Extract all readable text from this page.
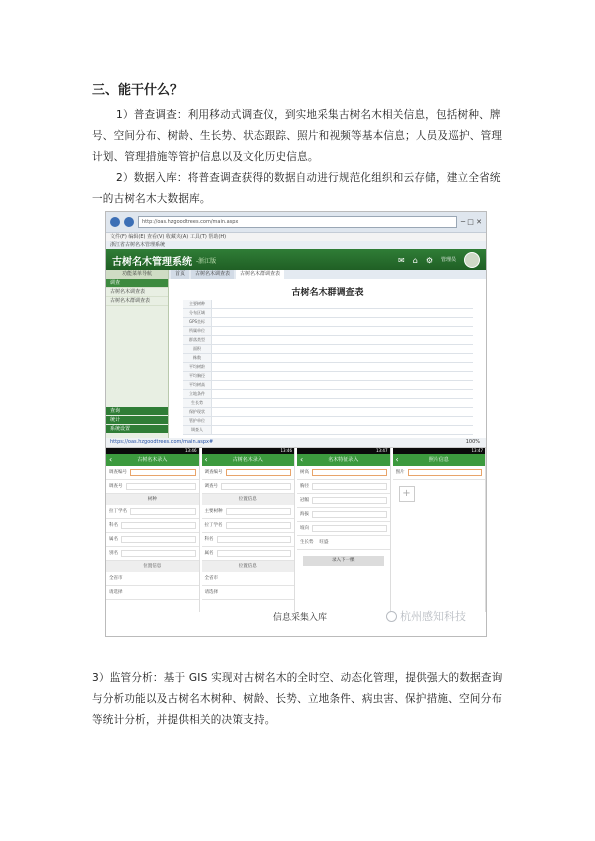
三、能干什么？

1）普查调查：利用移动式调查仪，到实地采集古树名木相关信息，包括树种、牌号、空间分布、树龄、生长势、状态跟踪、照片和视频等基本信息；人员及巡护、管理计划、管理措施等管护信息以及文化历史信息。

2）数据入库：将普查调查获得的数据自动进行规范化组织和云存储，建立全省统一的古树名木大数据库。

http://oas.hzgoodtrees.com/main.aspx	─ □ ✕
文件(F) 编辑(E) 查看(V) 收藏夹(A) 工具(T) 帮助(H)
浙江省古树名木管理系统
古树名木管理系统 -浙江版	✉ ⌂ ⚙ 管理员
功能菜单导航
调查
古树名木调查表
古树名木群调查表
查询
统计
系统设置
首页	古树名木调查表	古树名木群调查表
古树名木群调查表
主要树种
分布区域
GPS坐标
所属单位
群落类型
面积
株数
平均树龄
平均胸径
平均树高
立地条件
生长势
保护现状
管护单位
调查人
https://oas.hzgoodtrees.com/main.aspx#	100%
13:46
‹	古树名木录入
调查编号
调查号
树种
拉丁学名
科名
属名
别名
位置信息
全省市
请选择
13:46
‹	古树名木录入
调查编号
调查号
位置信息
主要树种
拉丁学名
科名
属名
位置信息
全省市
请选择
13:47
‹	名木特征录入
树高
胸径
冠幅
海拔
坡向
生长势 旺盛
录入下一棵
13:47
‹	照片信息
图片
+
信息采集入库	杭州感知科技

3）监管分析：基于 GIS 实现对古树名木的全时空、动态化管理，提供强大的数据查询与分析功能以及古树名木树种、树龄、长势、立地条件、病虫害、保护措施、空间分布等统计分析，并提供相关的决策支持。
